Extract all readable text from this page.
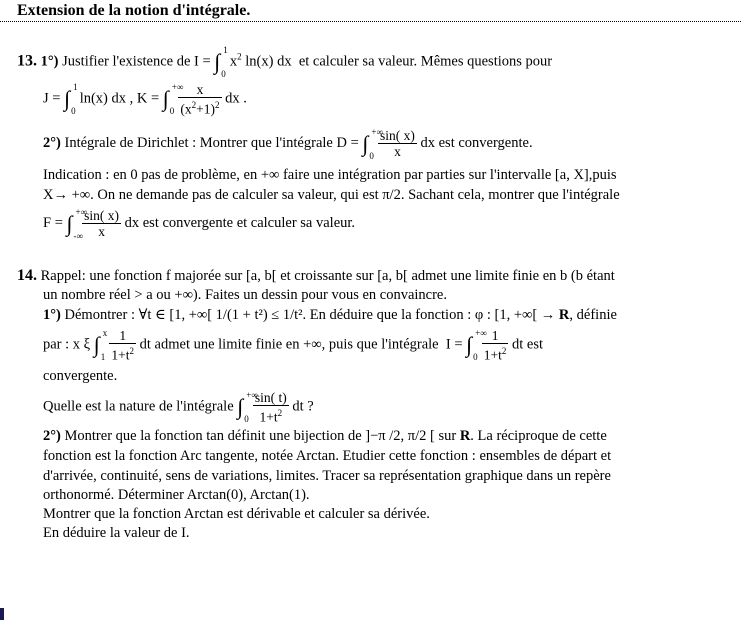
Extension de la notion d'intégrale.
13. 1°) Justifier l'existence de I = ∫ 1
0
$x^2$ ln(x) dx et calculer sa valeur. Mêmes questions pour
J = ∫ 1
0
ln(x) dx , K = ∫ +∞
0
$\frac{x}{(x^2+1)^2}$ dx .
2°) Intégrale de Dirichlet : Montrer que l'intégrale D = ∫ +∞
0
$\frac{\sin( x)}{x}$ dx est convergente.
Indication : en 0 pas de problème, en +∞ faire une intégration par parties sur l'intervalle [a, X],puis
X→ +∞. On ne demande pas de calculer sa valeur, qui est π/2. Sachant cela, montrer que l'intégrale
F = ∫ +∞
-∞
$\frac{\sin( x)}{x}$ dx est convergente et calculer sa valeur.
14. Rappel: une fonction f majorée sur [a, b[ et croissante sur [a, b[ admet une limite finie en b (b étant
un nombre réel > a ou +∞). Faites un dessin pour vous en convaincre.
1°) Démontrer : ∀t ∈ [1, +∞[ 1/(1 + t²) ≤ 1/t². En déduire que la fonction : φ : [1, +∞[ → R, définie
par : x ξ ∫ x
1
$\frac{1}{1+t^2}$ dt admet une limite finie en +∞, puis que l'intégrale I = ∫ +∞
0
$\frac{1}{1+t^2}$ dt est
convergente.
Quelle est la nature de l'intégrale ∫ +∞
0
$\frac{\sin( t)}{1+t^2}$ dt ?
2°) Montrer que la fonction tan définit une bijection de ]−π /2, π/2 [ sur R. La réciproque de cette
fonction est la fonction Arc tangente, notée Arctan. Etudier cette fonction : ensembles de départ et
d'arrivée, continuité, sens de variations, limites. Tracer sa représentation graphique dans un repère
orthonormé. Déterminer Arctan(0), Arctan(1).
Montrer que la fonction Arctan est dérivable et calculer sa dérivée.
En déduire la valeur de I.
